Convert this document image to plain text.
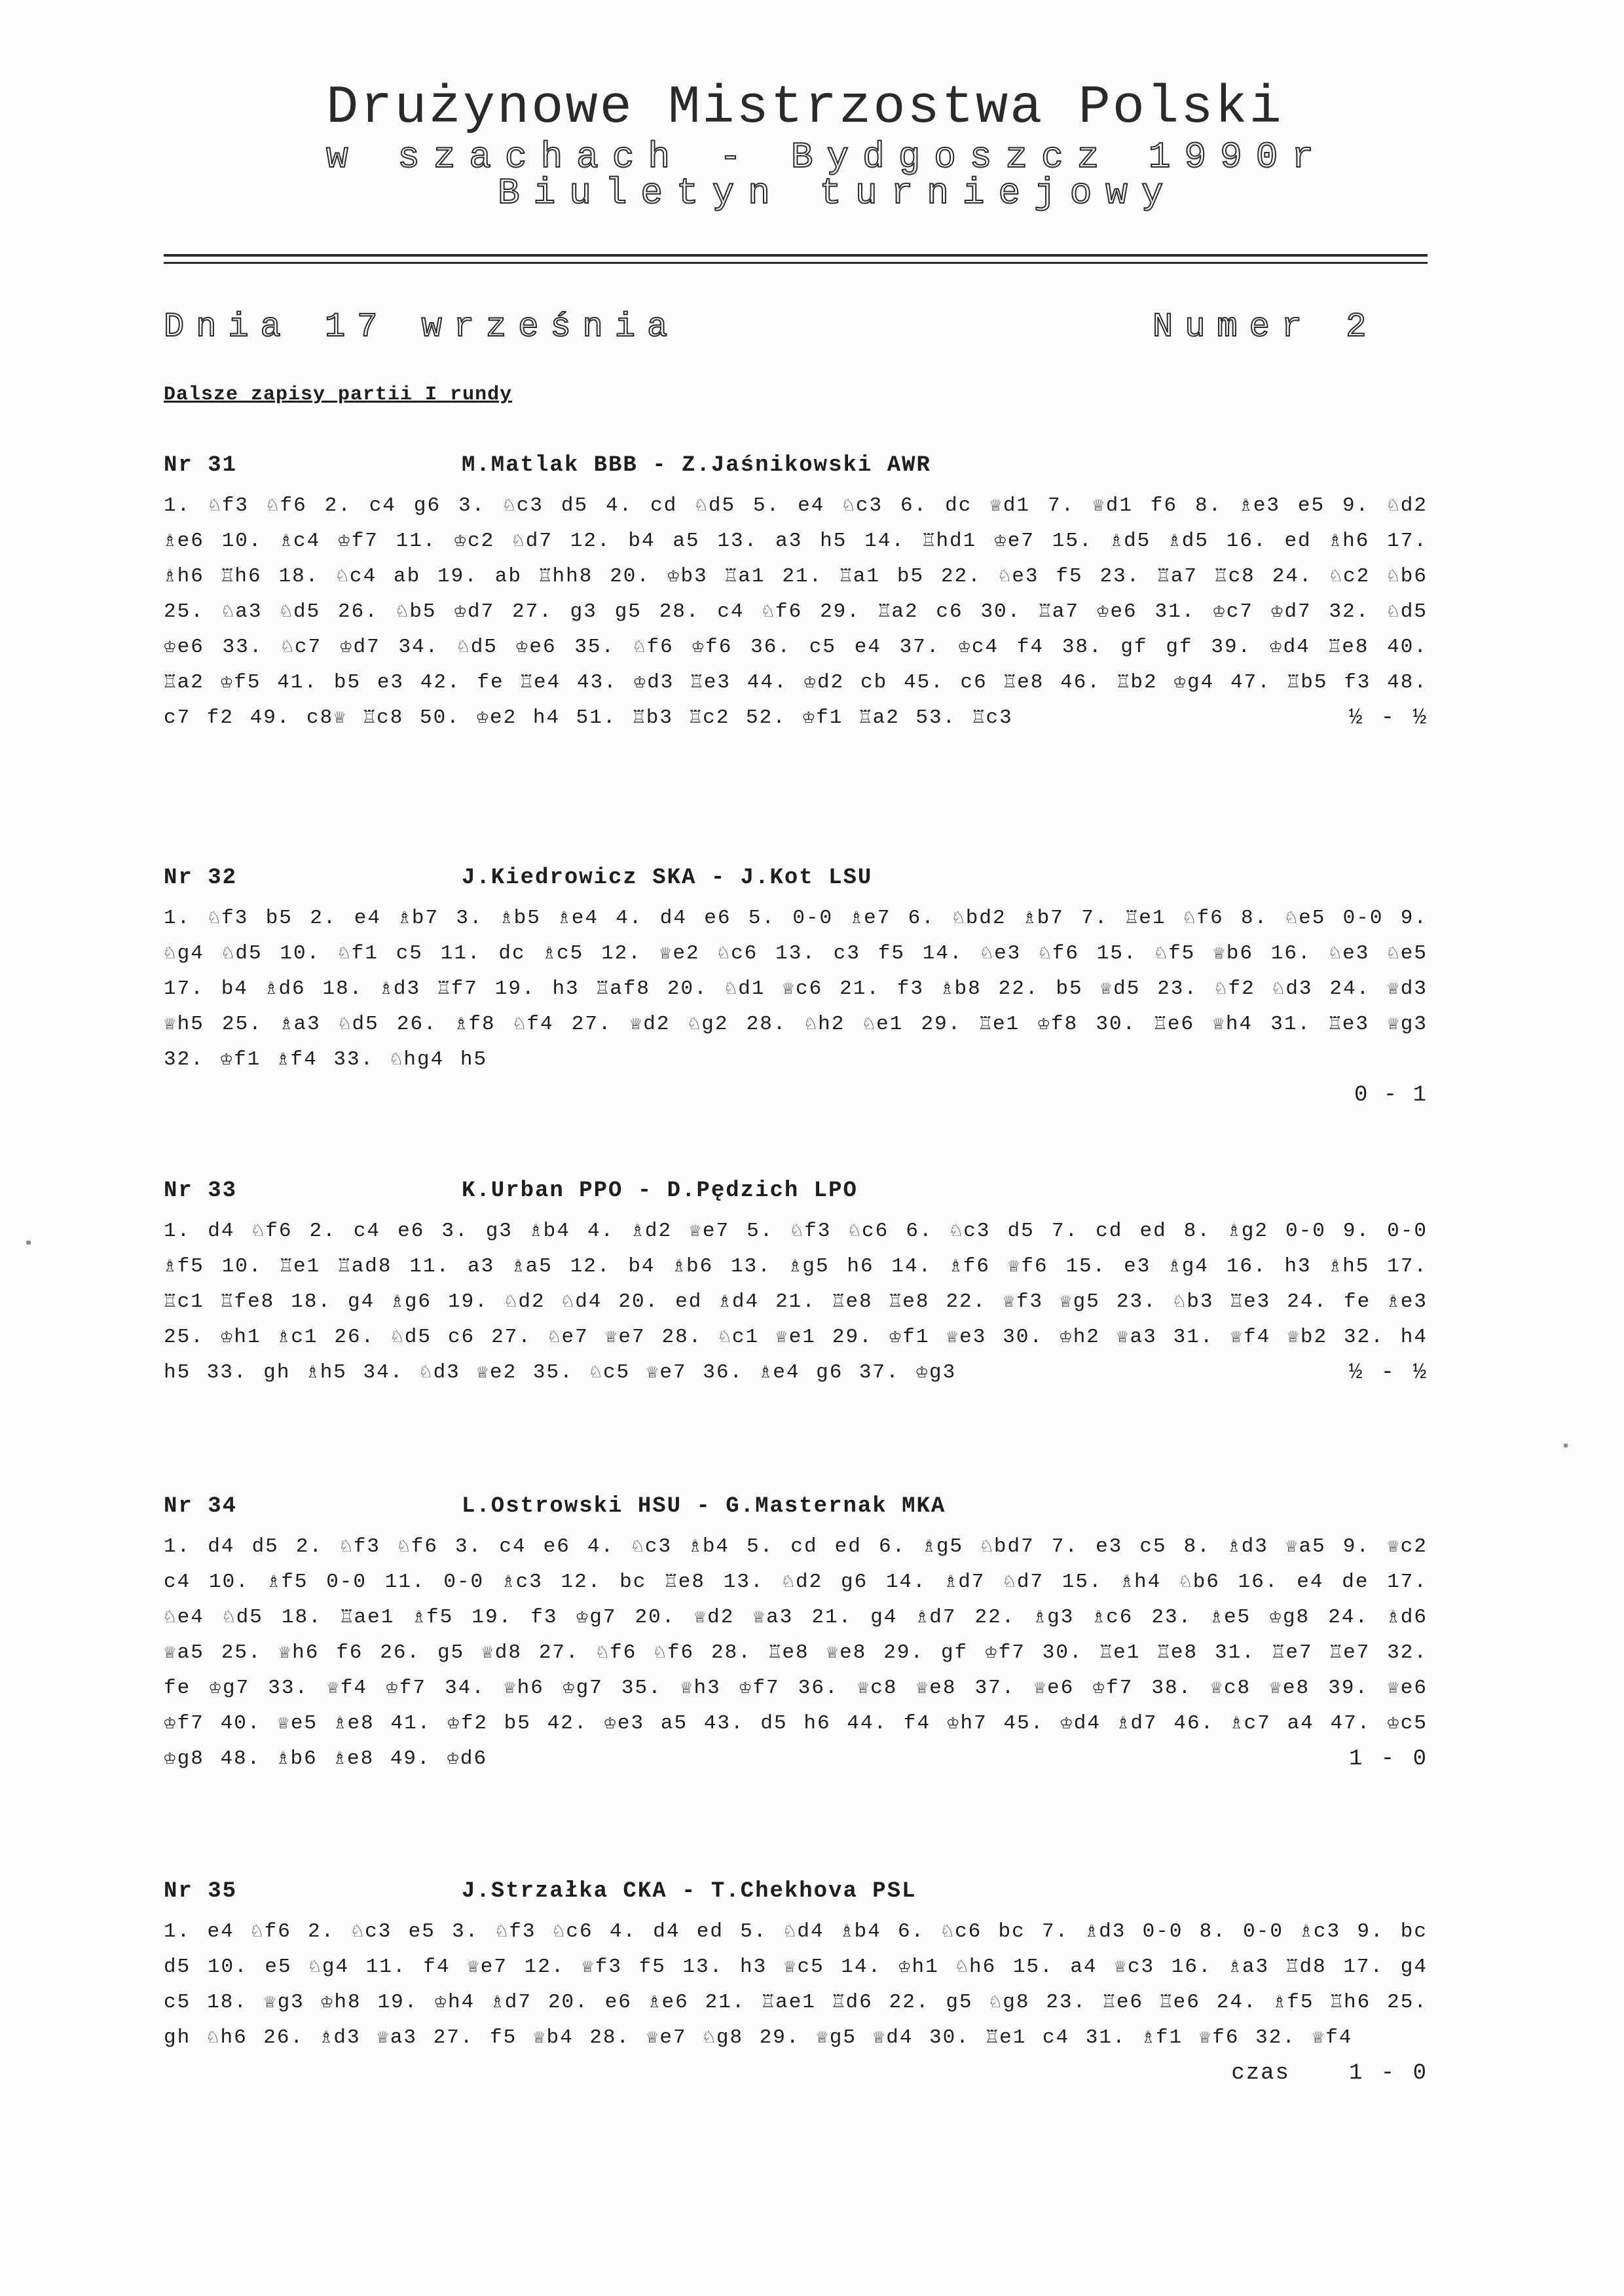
Drużynowe Mistrzostwa Polski
w szachach - Bydgoszcz 1990r
Biuletyn turniejowy
Dnia 17 września	Numer 2
Dalsze zapisy partii I rundy
Nr 31	M.Matlak BBB - Z.Jaśnikowski AWR
1. ♘f3 ♘f6 2. c4 g6 3. ♘c3 d5 4. cd ♘d5 5. e4 ♘c3 6. dc ♕d1 7. ♕d1 f6 8. ♗e3 e5 9. ♘d2 ♗e6 10. ♗c4 ♔f7 11. ♔c2 ♘d7 12. b4 a5 13. a3 h5 14. ♖hd1 ♔e7 15. ♗d5 ♗d5 16. ed ♗h6 17. ♗h6 ♖h6 18. ♘c4 ab 19. ab ♖hh8 20. ♔b3 ♖a1 21. ♖a1 b5 22. ♘e3 f5 23. ♖a7 ♖c8 24. ♘c2 ♘b6 25. ♘a3 ♘d5 26. ♘b5 ♔d7 27. g3 g5 28. c4 ♘f6 29. ♖a2 c6 30. ♖a7 ♔e6 31. ♔c7 ♔d7 32. ♘d5 ♔e6 33. ♘c7 ♔d7 34. ♘d5 ♔e6 35. ♘f6 ♔f6 36. c5 e4 37. ♔c4 f4 38. gf gf 39. ♔d4 ♖e8 40. ♖a2 ♔f5 41. b5 e3 42. fe ♖e4 43. ♔d3 ♖e3 44. ♔d2 cb 45. c6 ♖e8 46. ♖b2 ♔g4 47. ♖b5 f3 48. c7 f2 49. c8♕ ♖c8 50. ♔e2 h4 51. ♖b3 ♖c2 52. ♔f1 ♖a2 53. ♖c3	½ - ½
Nr 32	J.Kiedrowicz SKA - J.Kot LSU
1. ♘f3 b5 2. e4 ♗b7 3. ♗b5 ♗e4 4. d4 e6 5. 0-0 ♗e7 6. ♘bd2 ♗b7 7. ♖e1 ♘f6 8. ♘e5 0-0 9. ♘g4 ♘d5 10. ♘f1 c5 11. dc ♗c5 12. ♕e2 ♘c6 13. c3 f5 14. ♘e3 ♘f6 15. ♘f5 ♕b6 16. ♘e3 ♘e5 17. b4 ♗d6 18. ♗d3 ♖f7 19. h3 ♖af8 20. ♘d1 ♕c6 21. f3 ♗b8 22. b5 ♕d5 23. ♘f2 ♘d3 24. ♕d3 ♕h5 25. ♗a3 ♘d5 26. ♗f8 ♘f4 27. ♕d2 ♘g2 28. ♘h2 ♘e1 29. ♖e1 ♔f8 30. ♖e6 ♕h4 31. ♖e3 ♕g3 32. ♔f1 ♗f4 33. ♘hg4 h5
0 - 1
Nr 33	K.Urban PPO - D.Pędzich LPO
1. d4 ♘f6 2. c4 e6 3. g3 ♗b4 4. ♗d2 ♕e7 5. ♘f3 ♘c6 6. ♘c3 d5 7. cd ed 8. ♗g2 0-0 9. 0-0 ♗f5 10. ♖e1 ♖ad8 11. a3 ♗a5 12. b4 ♗b6 13. ♗g5 h6 14. ♗f6 ♕f6 15. e3 ♗g4 16. h3 ♗h5 17. ♖c1 ♖fe8 18. g4 ♗g6 19. ♘d2 ♘d4 20. ed ♗d4 21. ♖e8 ♖e8 22. ♕f3 ♕g5 23. ♘b3 ♖e3 24. fe ♗e3 25. ♔h1 ♗c1 26. ♘d5 c6 27. ♘e7 ♕e7 28. ♘c1 ♕e1 29. ♔f1 ♕e3 30. ♔h2 ♕a3 31. ♕f4 ♕b2 32. h4 h5 33. gh ♗h5 34. ♘d3 ♕e2 35. ♘c5 ♕e7 36. ♗e4 g6 37. ♔g3	½ - ½
Nr 34	L.Ostrowski HSU - G.Masternak MKA
1. d4 d5 2. ♘f3 ♘f6 3. c4 e6 4. ♘c3 ♗b4 5. cd ed 6. ♗g5 ♘bd7 7. e3 c5 8. ♗d3 ♕a5 9. ♕c2 c4 10. ♗f5 0-0 11. 0-0 ♗c3 12. bc ♖e8 13. ♘d2 g6 14. ♗d7 ♘d7 15. ♗h4 ♘b6 16. e4 de 17. ♘e4 ♘d5 18. ♖ae1 ♗f5 19. f3 ♔g7 20. ♕d2 ♕a3 21. g4 ♗d7 22. ♗g3 ♗c6 23. ♗e5 ♔g8 24. ♗d6 ♕a5 25. ♕h6 f6 26. g5 ♕d8 27. ♘f6 ♘f6 28. ♖e8 ♕e8 29. gf ♔f7 30. ♖e1 ♖e8 31. ♖e7 ♖e7 32. fe ♔g7 33. ♕f4 ♔f7 34. ♕h6 ♔g7 35. ♕h3 ♔f7 36. ♕c8 ♕e8 37. ♕e6 ♔f7 38. ♕c8 ♕e8 39. ♕e6♔f7 40. ♕e5 ♗e8 41. ♔f2 b5 42. ♔e3 a5 43. d5 h6 44. f4 ♔h7 45. ♔d4 ♗d7 46. ♗c7 a4 47. ♔c5 ♔g8 48. ♗b6 ♗e8 49. ♔d6	1 - 0
Nr 35	J.Strzałka CKA - T.Chekhova PSL
1. e4 ♘f6 2. ♘c3 e5 3. ♘f3 ♘c6 4. d4 ed 5. ♘d4 ♗b4 6. ♘c6 bc 7. ♗d3 0-0 8. 0-0 ♗c3 9. bc d5 10. e5 ♘g4 11. f4 ♕e7 12. ♕f3 f5 13. h3 ♕c5 14. ♔h1 ♘h6 15. a4 ♕c3 16. ♗a3 ♖d8 17. g4 c5 18. ♕g3 ♔h8 19. ♔h4 ♗d7 20. e6 ♗e6 21. ♖ae1 ♖d6 22. g5 ♘g8 23. ♖e6 ♖e6 24. ♗f5 ♖h6 25. gh ♘h6 26. ♗d3 ♕a3 27. f5 ♕b4 28. ♕e7 ♘g8 29. ♕g5 ♕d4 30. ♖e1 c4 31. ♗f1 ♕f6 32. ♕f4
1 - 0
czas
